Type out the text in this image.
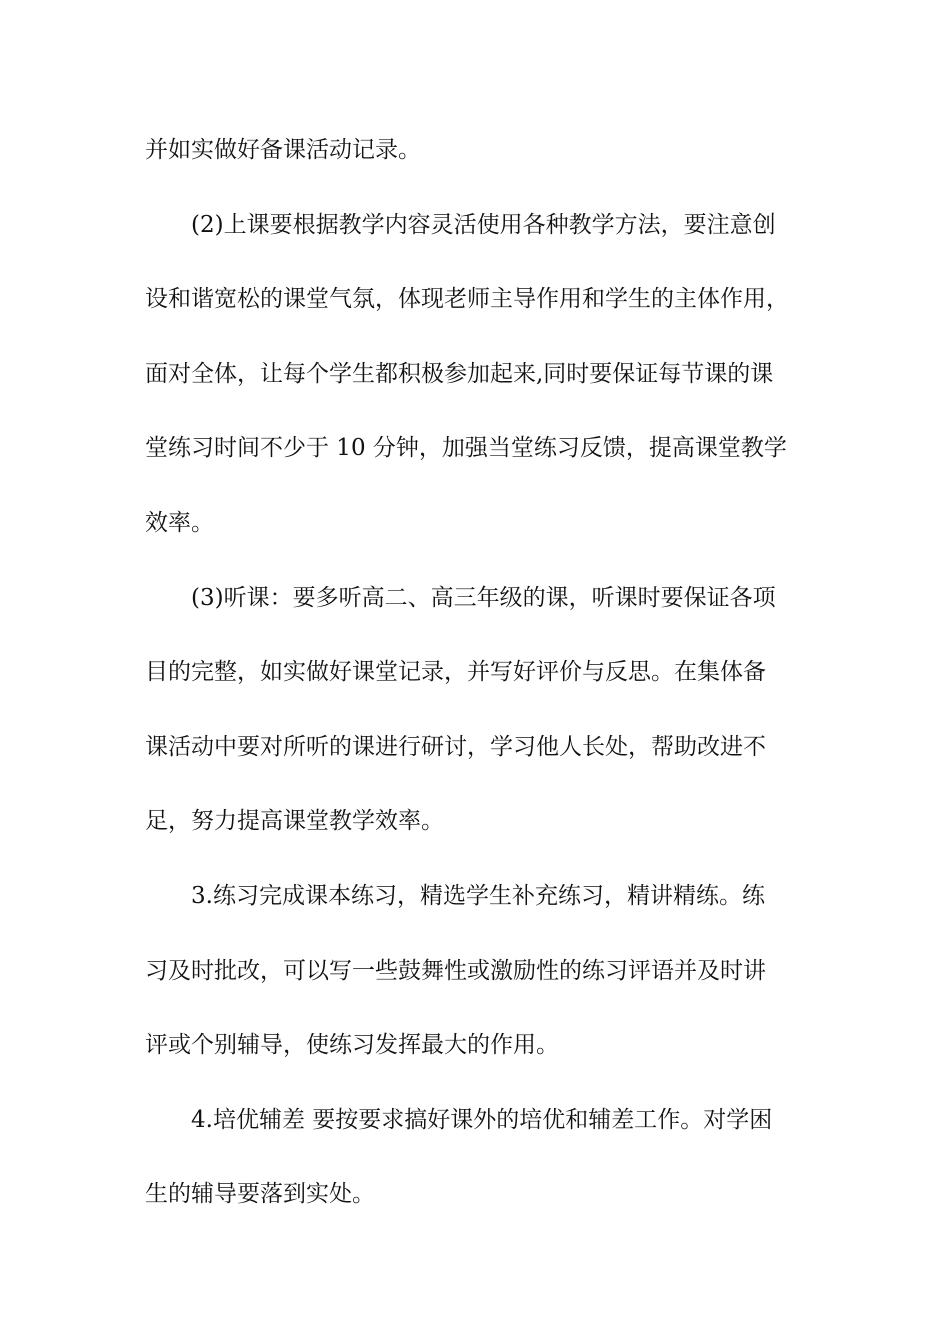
并如实做好备课活动记录。

(2)上课要根据教学内容灵活使用各种教学方法，要注意创
设和谐宽松的课堂气氛，体现老师主导作用和学生的主体作用，
面对全体，让每个学生都积极参加起来,同时要保证每节课的课
堂练习时间不少于 10 分钟，加强当堂练习反馈，提高课堂教学
效率。

(3)听课：要多听高二、高三年级的课，听课时要保证各项
目的完整，如实做好课堂记录，并写好评价与反思。在集体备
课活动中要对所听的课进行研讨，学习他人长处，帮助改进不
足，努力提高课堂教学效率。

3.练习完成课本练习，精选学生补充练习，精讲精练。练
习及时批改，可以写一些鼓舞性或激励性的练习评语并及时讲
评或个别辅导，使练习发挥最大的作用。

4.培优辅差 要按要求搞好课外的培优和辅差工作。对学困
生的辅导要落到实处。
